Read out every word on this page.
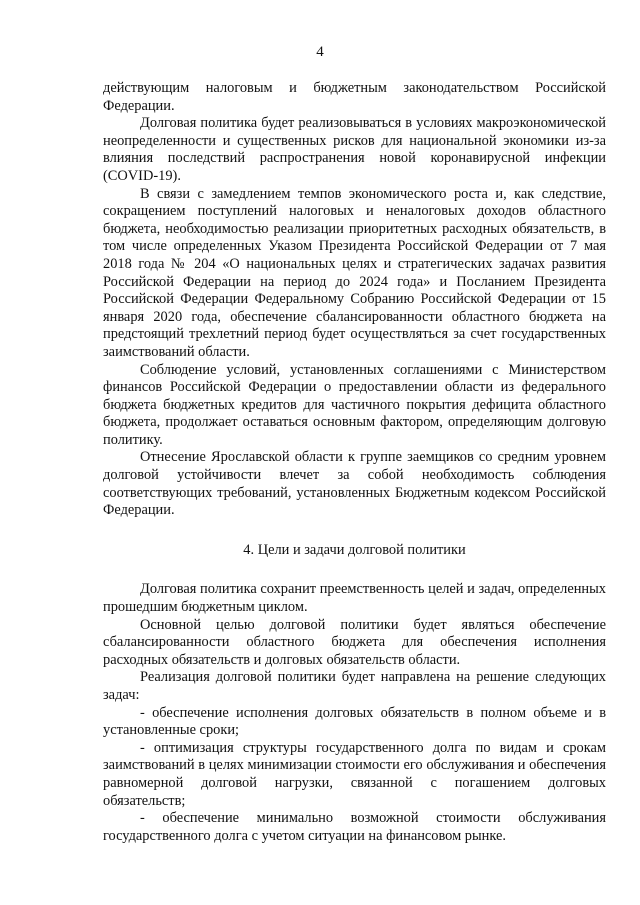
4

действующим налоговым и бюджетным законодательством Российской Федерации.

Долговая политика будет реализовываться в условиях макроэкономической неопределенности и существенных рисков для национальной экономики из-за влияния последствий распространения новой коронавирусной инфекции (COVID-19).

В связи с замедлением темпов экономического роста и, как следствие, сокращением поступлений налоговых и неналоговых доходов областного бюджета, необходимостью реализации приоритетных расходных обязательств, в том числе определенных Указом Президента Российской Федерации от 7 мая 2018 года № 204 «О национальных целях и стратегических задачах развития Российской Федерации на период до 2024 года» и Посланием Президента Российской Федерации Федеральному Собранию Российской Федерации от 15 января 2020 года, обеспечение сбалансированности областного бюджета на предстоящий трехлетний период будет осуществляться за счет государственных заимствований области.

Соблюдение условий, установленных соглашениями с Министерством финансов Российской Федерации о предоставлении области из федерального бюджета бюджетных кредитов для частичного покрытия дефицита областного бюджета, продолжает оставаться основным фактором, определяющим долговую политику.

Отнесение Ярославской области к группе заемщиков со средним уровнем долговой устойчивости влечет за собой необходимость соблюдения соответствующих требований, установленных Бюджетным кодексом Российской Федерации.

4. Цели и задачи долговой политики

Долговая политика сохранит преемственность целей и задач, определенных прошедшим бюджетным циклом.

Основной целью долговой политики будет являться обеспечение сбалансированности областного бюджета для обеспечения исполнения расходных обязательств и долговых обязательств области.

Реализация долговой политики будет направлена на решение следующих задач:

- обеспечение исполнения долговых обязательств в полном объеме и в установленные сроки;

- оптимизация структуры государственного долга по видам и срокам заимствований в целях минимизации стоимости его обслуживания и обеспечения равномерной долговой нагрузки, связанной с погашением долговых обязательств;

- обеспечение минимально возможной стоимости обслуживания государственного долга с учетом ситуации на финансовом рынке.
